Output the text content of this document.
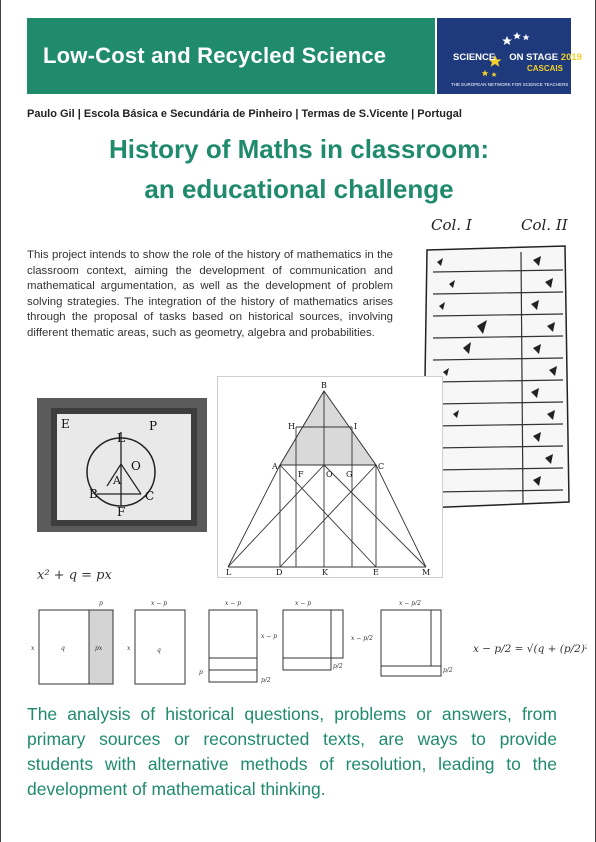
Low-Cost and Recycled Science	SCIENCE ON STAGE 2019
CASCAIS
THE EUROPEAN NETWORK FOR SCIENCE TEACHERS
Paulo Gil | Escola Básica e Secundária de Pinheiro | Termas de S.Vicente | Portugal
History of Maths in classroom:
an educational challenge
This project intends to show the role of the history of mathematics in the classroom context, aiming the development of communication and mathematical argumentation, as well as the development of problem solving strategies. The integration of the history of mathematics arises through the proposal of tasks based on historical sources, involving different thematic areas, such as geometry, algebra and probabilities.
Col. I	Col. II
E	P
L
O
A
B	C
F
B
H	I
A
F	O G
C
L	D	K	E	M
x² + q = px
p
x	q	px
x − p
x	q
x − p
p
p/2
x − p
x − p
p/2
x − p/2
x − p/2
p/2
x − p/2 = √(q + (p/2)²)
The analysis of historical questions, problems or answers, from primary sources or reconstructed texts, are ways to provide students with alternative methods of resolution, leading to the development of mathematical thinking.
